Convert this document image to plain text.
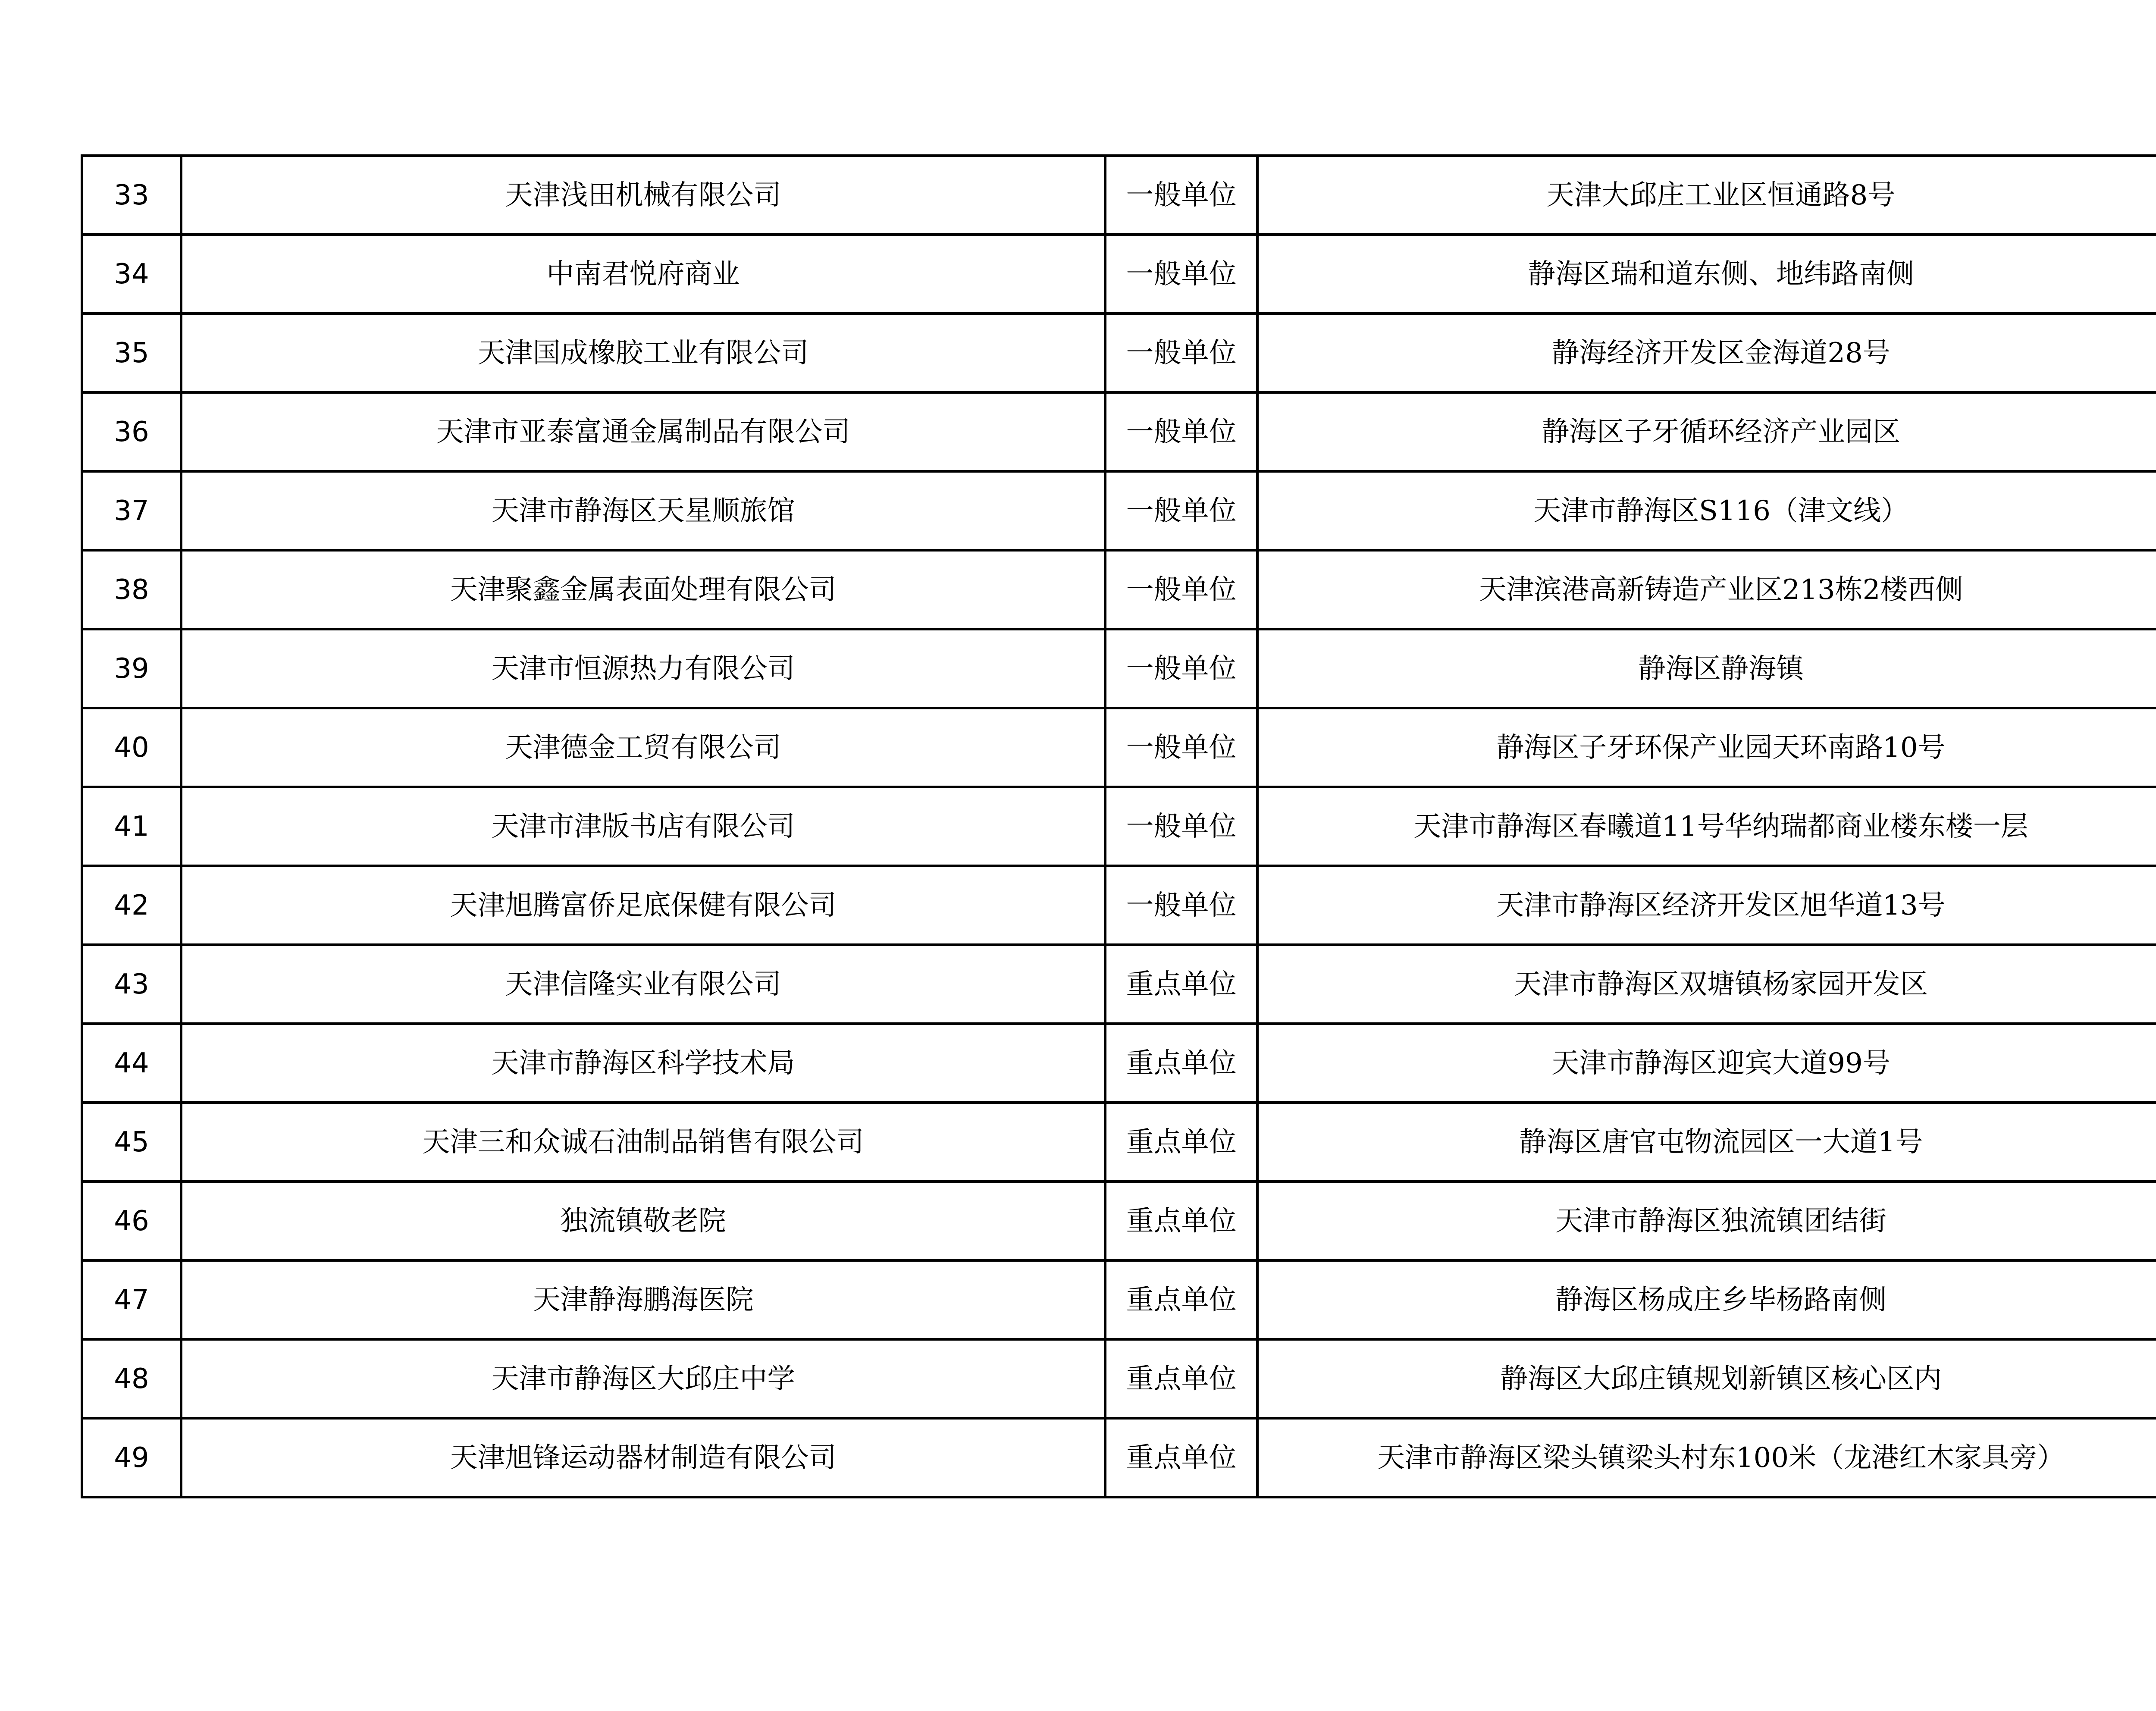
33	天津浅田机械有限公司	一般单位	天津大邱庄工业区恒通路8号	
34	中南君悦府商业	一般单位	静海区瑞和道东侧、地纬路南侧	
35	天津国成橡胶工业有限公司	一般单位	静海经济开发区金海道28号	
36	天津市亚泰富通金属制品有限公司	一般单位	静海区子牙循环经济产业园区	
37	天津市静海区天星顺旅馆	一般单位	天津市静海区S116（津文线）	
38	天津聚鑫金属表面处理有限公司	一般单位	天津滨港高新铸造产业区213栋2楼西侧	
39	天津市恒源热力有限公司	一般单位	静海区静海镇	
40	天津德金工贸有限公司	一般单位	静海区子牙环保产业园天环南路10号	
41	天津市津版书店有限公司	一般单位	天津市静海区春曦道11号华纳瑞都商业楼东楼一层	
42	天津旭腾富侨足底保健有限公司	一般单位	天津市静海区经济开发区旭华道13号	
43	天津信隆实业有限公司	重点单位	天津市静海区双塘镇杨家园开发区	
44	天津市静海区科学技术局	重点单位	天津市静海区迎宾大道99号	
45	天津三和众诚石油制品销售有限公司	重点单位	静海区唐官屯物流园区一大道1号	
46	独流镇敬老院	重点单位	天津市静海区独流镇团结街	
47	天津静海鹏海医院	重点单位	静海区杨成庄乡毕杨路南侧	
48	天津市静海区大邱庄中学	重点单位	静海区大邱庄镇规划新镇区核心区内	
49	天津旭锋运动器材制造有限公司	重点单位	天津市静海区梁头镇梁头村东100米（龙港红木家具旁）	
